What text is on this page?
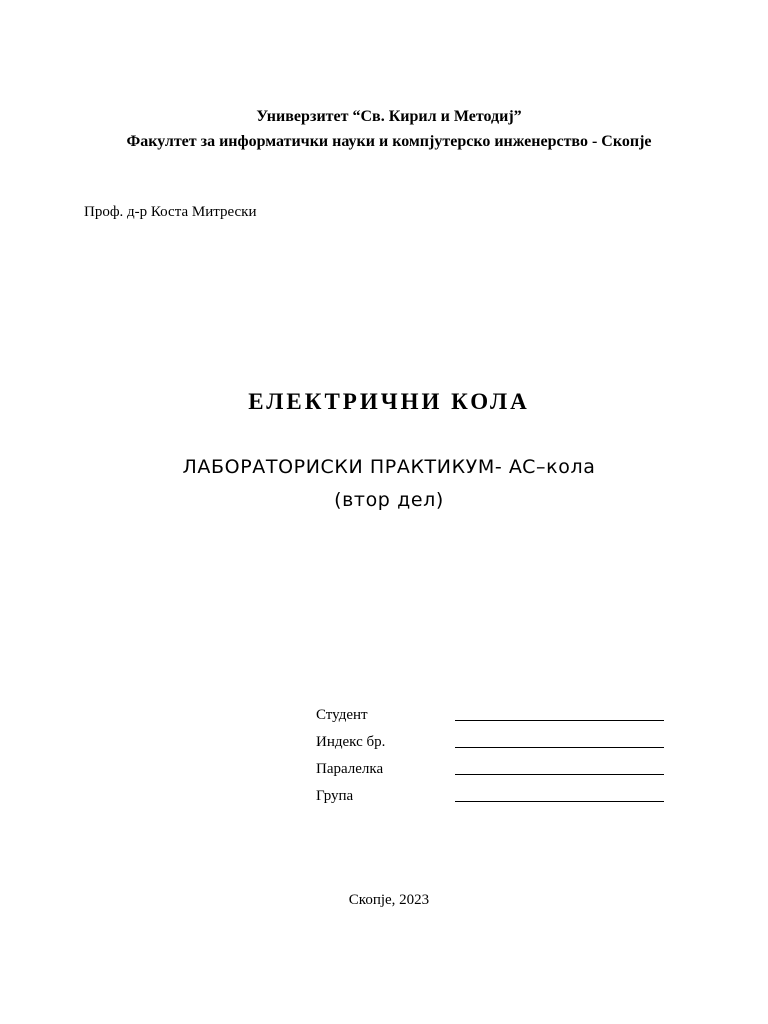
Универзитет “Св. Кирил и Методиј”
Факултет за информатички науки и компјутерско инженерство - Скопје
Проф. д-р Коста Митрески
ЕЛЕКТРИЧНИ КОЛА
ЛАБОРАТОРИСКИ ПРАКТИКУМ- AC–кола
(втор дел)
Студент
Индекс бр.
Паралелка
Група
Скопје, 2023
